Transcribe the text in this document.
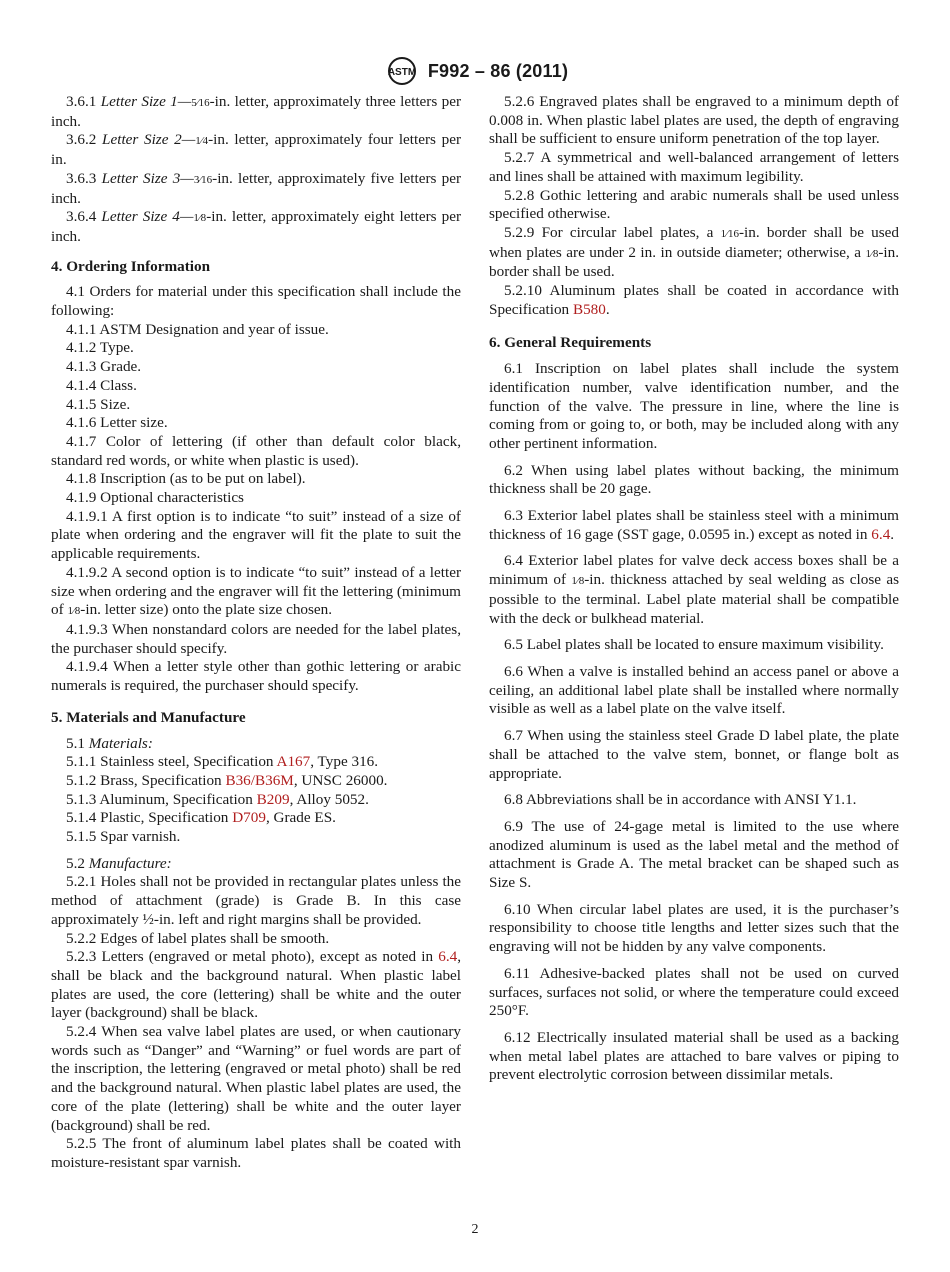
ASTM F992 – 86 (2011)

3.6.1 Letter Size 1—5⁄16-in. letter, approximately three letters per inch.

3.6.2 Letter Size 2—1⁄4-in. letter, approximately four letters per in.

3.6.3 Letter Size 3—3⁄16-in. letter, approximately five letters per inch.

3.6.4 Letter Size 4—1⁄8-in. letter, approximately eight letters per inch.

4. Ordering Information

4.1 Orders for material under this specification shall include the following:

4.1.1 ASTM Designation and year of issue.

4.1.2 Type.

4.1.3 Grade.

4.1.4 Class.

4.1.5 Size.

4.1.6 Letter size.

4.1.7 Color of lettering (if other than default color black, standard red words, or white when plastic is used).

4.1.8 Inscription (as to be put on label).

4.1.9 Optional characteristics

4.1.9.1 A first option is to indicate “to suit” instead of a size of plate when ordering and the engraver will fit the plate to suit the applicable requirements.

4.1.9.2 A second option is to indicate “to suit” instead of a letter size when ordering and the engraver will fit the lettering (minimum of 1⁄8-in. letter size) onto the plate size chosen.

4.1.9.3 When nonstandard colors are needed for the label plates, the purchaser should specify.

4.1.9.4 When a letter style other than gothic lettering or arabic numerals is required, the purchaser should specify.

5. Materials and Manufacture

5.1 Materials:

5.1.1 Stainless steel, Specification A167, Type 316.

5.1.2 Brass, Specification B36/B36M, UNSC 26000.

5.1.3 Aluminum, Specification B209, Alloy 5052.

5.1.4 Plastic, Specification D709, Grade ES.

5.1.5 Spar varnish.

5.2 Manufacture:

5.2.1 Holes shall not be provided in rectangular plates unless the method of attachment (grade) is Grade B. In this case approximately ½-in. left and right margins shall be provided.

5.2.2 Edges of label plates shall be smooth.

5.2.3 Letters (engraved or metal photo), except as noted in 6.4, shall be black and the background natural. When plastic label plates are used, the core (lettering) shall be white and the outer layer (background) shall be black.

5.2.4 When sea valve label plates are used, or when cautionary words such as “Danger” and “Warning” or fuel words are part of the inscription, the lettering (engraved or metal photo) shall be red and the background natural. When plastic label plates are used, the core of the plate (lettering) shall be white and the outer layer (background) shall be red.

5.2.5 The front of aluminum label plates shall be coated with moisture-resistant spar varnish.

5.2.6 Engraved plates shall be engraved to a minimum depth of 0.008 in. When plastic label plates are used, the depth of engraving shall be sufficient to ensure uniform penetration of the top layer.

5.2.7 A symmetrical and well-balanced arrangement of letters and lines shall be attained with maximum legibility.

5.2.8 Gothic lettering and arabic numerals shall be used unless specified otherwise.

5.2.9 For circular label plates, a 1⁄16-in. border shall be used when plates are under 2 in. in outside diameter; otherwise, a 1⁄8-in. border shall be used.

5.2.10 Aluminum plates shall be coated in accordance with Specification B580.

6. General Requirements

6.1 Inscription on label plates shall include the system identification number, valve identification number, and the function of the valve. The pressure in line, where the line is coming from or going to, or both, may be included along with any other pertinent information.

6.2 When using label plates without backing, the minimum thickness shall be 20 gage.

6.3 Exterior label plates shall be stainless steel with a minimum thickness of 16 gage (SST gage, 0.0595 in.) except as noted in 6.4.

6.4 Exterior label plates for valve deck access boxes shall be a minimum of 1⁄8-in. thickness attached by seal welding as close as possible to the terminal. Label plate material shall be compatible with the deck or bulkhead material.

6.5 Label plates shall be located to ensure maximum visibility.

6.6 When a valve is installed behind an access panel or above a ceiling, an additional label plate shall be installed where normally visible as well as a label plate on the valve itself.

6.7 When using the stainless steel Grade D label plate, the plate shall be attached to the valve stem, bonnet, or flange bolt as appropriate.

6.8 Abbreviations shall be in accordance with ANSI Y1.1.

6.9 The use of 24-gage metal is limited to the use where anodized aluminum is used as the label metal and the method of attachment is Grade A. The metal bracket can be shaped such as Size S.

6.10 When circular label plates are used, it is the purchaser’s responsibility to choose title lengths and letter sizes such that the engraving will not be hidden by any valve components.

6.11 Adhesive-backed plates shall not be used on curved surfaces, surfaces not solid, or where the temperature could exceed 250°F.

6.12 Electrically insulated material shall be used as a backing when metal label plates are attached to bare valves or piping to prevent electrolytic corrosion between dissimilar metals.

2
